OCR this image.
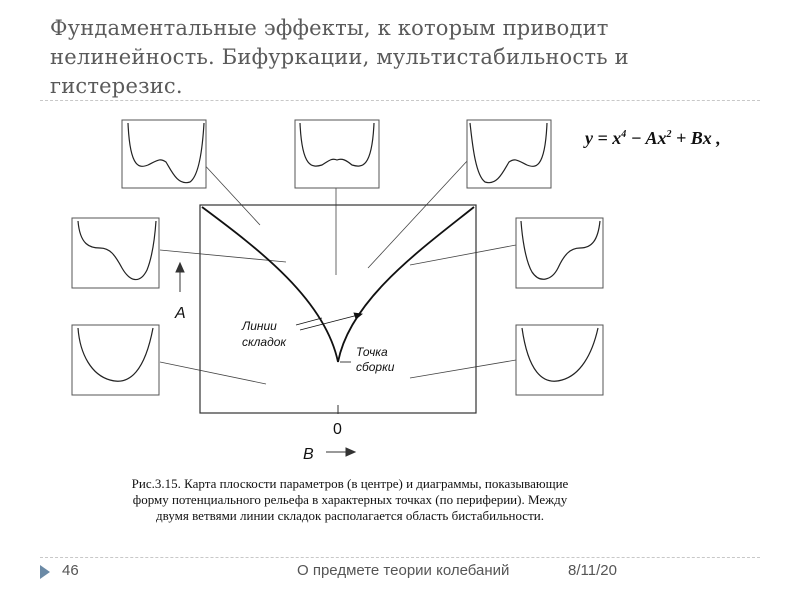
Фундаментальные эффекты, к которым приводит
нелинейность. Бифуркации, мультистабильность и
гистерезис.
A
B
0
Линии
складок
Точка
сборки
$y = x^4 - Ax^2 + Bx$ ,
Рис.3.15. Карта плоскости параметров (в центре) и диаграммы, показывающие
форму потенциального рельефа в характерных точках (по периферии). Между
двумя ветвями линии складок располагается область бистабильности.
46	О предмете теории колебаний	8/11/20
